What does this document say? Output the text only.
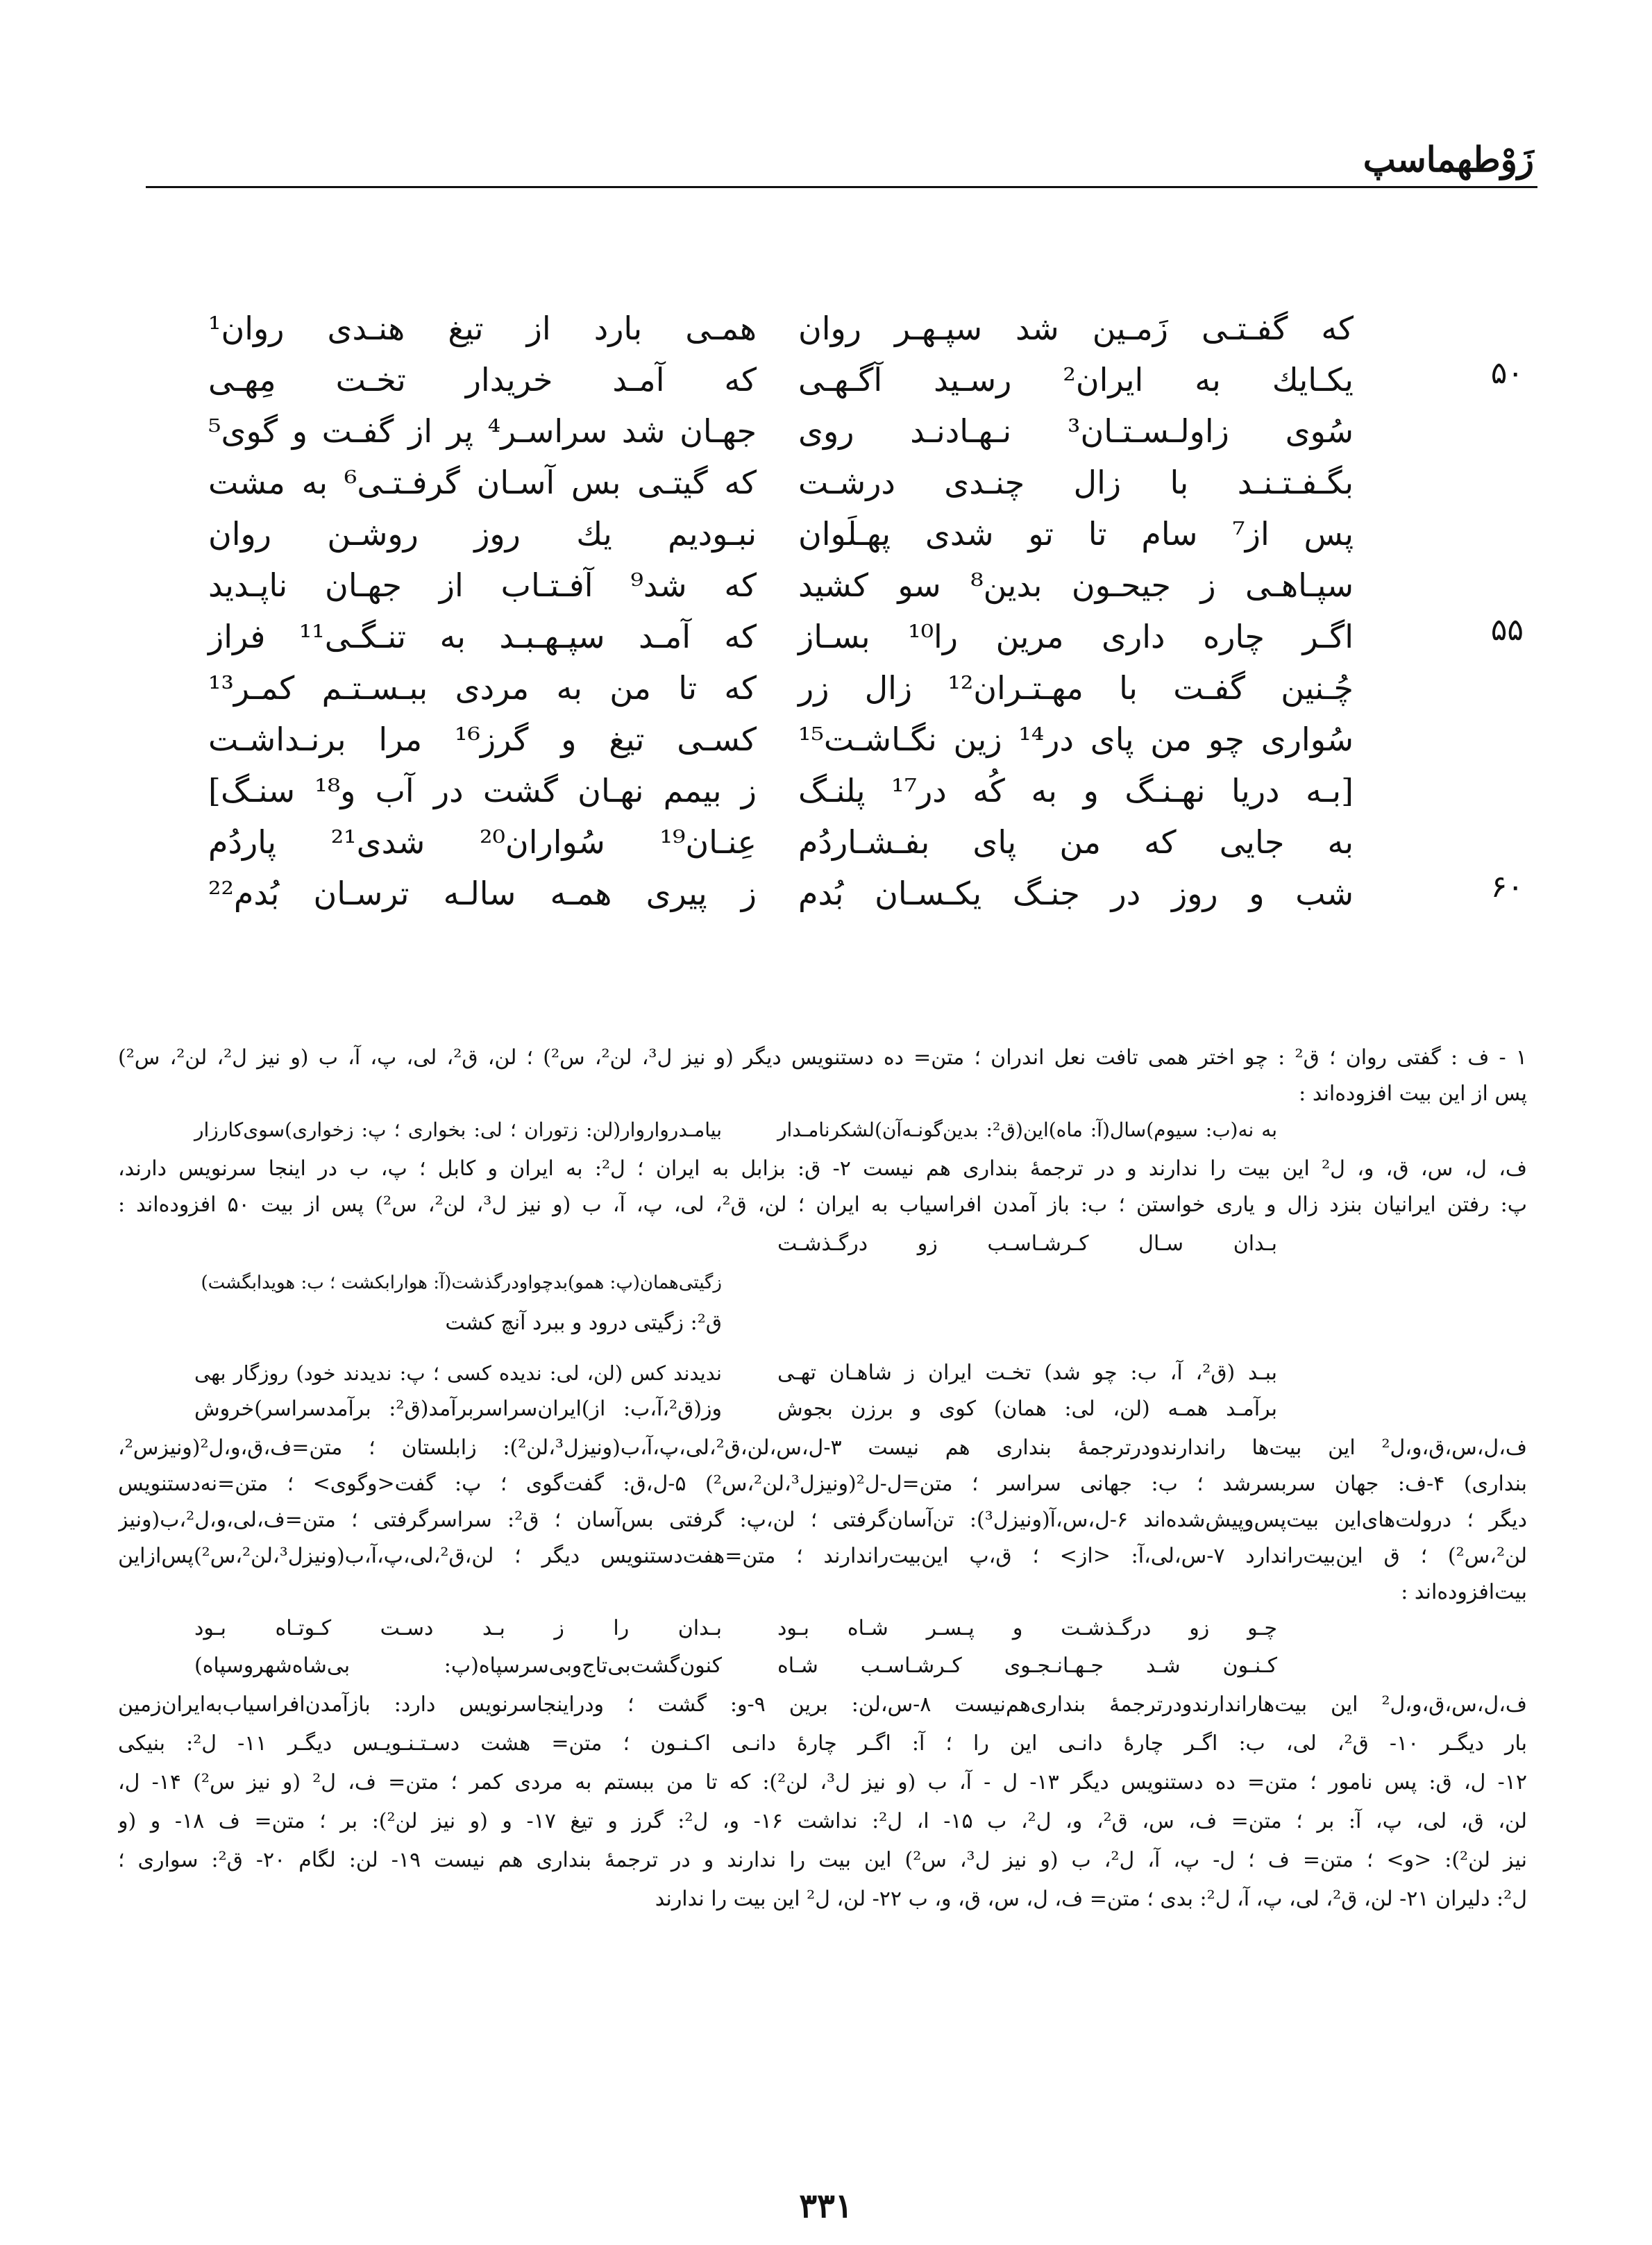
زَوْطهماسپ
که گفـتـی زَمـین شد سپـهـر روان
همـی بارد از تیغ هنـدی روان¹
۵۰
یکـایك به ایران² رسـید آگـهـی
که آمـد خریدار تخـت مِهـی
سُوی زاولـسـتـان³ نـهـادنـد روی
جهـان شد سراسـر⁴ پر از گفـت و گوی⁵
بگـفـتـنـد با زال چنـدی درشـت
که گیتـی بس آسـان گرفـتـی⁶ به مشت
پس از⁷ سام تا تو شدی پهـلَوان
نبـودیم یك روز روشـن روان
سپـاهـی ز جیحـون بدین⁸ سو کشید
که شد⁹ آفـتـاب از جهـان ناپـدید
۵۵
اگـر چاره داری مرین را¹⁰ بسـاز
که آمـد سپـهـبـد به تنـگـی¹¹ فراز
چُـنین گفـت با مهـتـران¹² زال زر
که تا من به مردی ببـسـتـم کمـر¹³
سُواری چو من پای در¹⁴ زین نگـاشـت¹⁵
کسـی تیغ و گرز¹⁶ مرا برنـداشـت
[بـه دریا نهـنـگ و به کُه در¹⁷ پلنـگ
ز بیمم نهـان گشت در آب و¹⁸ سنـگ]
به جایی که من پای بفـشـاردُم
عِنـان¹⁹ سُواران²⁰ شدی²¹ پاردُم
۶۰
شب و روز در جنـگ یکـسـان بُدم
ز پیری همـه سالـه ترسـان بُدم²²
۱ - ف : گفتی روان ؛ ق² : چو اختر همی تافت نعل اندران ؛ متن= ده دستنویس دیگر (و نیز ل³، لن²، س²) ؛ لن، ق²، لی، پ، آ، ب (و نیز ل²، لن²، س²)
پس از این بیت افزوده‌اند :
به نه(ب: سیوم)سال(آ: ماه)این(ق²: بدین‌گونـه‌آن)لشکرنامـدار
بیامـدرواروار(لن: زتوران ؛ لی: بخواری ؛ پ: زخواری)سوی‌کارزار
ف، ل، س، ق، و، ل² این بیت را ندارند و در ترجمهٔ بنداری هم نیست ۲- ق: بزابل به ایران ؛ ل²: به ایران و کابل ؛ پ، ب در اینجا سرنویس دارند،
پ: رفتن ایرانیان بنزد زال و یاری خواستن ؛ ب: باز آمدن افراسیاب به ایران ؛ لن، ق²، لی، پ، آ، ب (و نیز ل³، لن²، س²) پس از بیت ۵۰ افزوده‌اند :
بـدان سـال کـرشـاسـب زو درگـذشـت
زگیتی‌همان(پ: همو)بدچواودرگذشت(آ: هوارابکشت ؛ ب: هویدابگشت)
ق²: زگیتی درود و ببرد آنچ کشت
ببـد (ق²، آ، ب: چو شد) تخـت ایران ز شاهـان تهـی
ندیدند کس (لن، لی: ندیده کسی ؛ پ: ندیدند خود) روزگار بهی
برآمـد همـه (لن، لی: همان) کوی و برزن بجوش
وز(ق²،آ،ب: از)ایران‌سراسربرآمد(ق²: برآمدسراسر)خروش
ف،ل،س،ق،و،ل² این بیت‌ها راندارندودرترجمهٔ بنداری هم نیست ۳-ل،س،لن،ق²،لی،پ،آ،ب(ونیزل³،لن²): زابلستان ؛ متن=ف،ق،و،ل²(ونیزس²،
بنداری) ۴-ف: جهان سربسرشد ؛ ب: جهانی سراسر ؛ متن=ل-ل²(ونیزل³،لن²،س²) ۵-ل،ق: گفت‌گوی ؛ پ: گفت<وگوی> ؛ متن=نه‌دستنویس
دیگر ؛ درولت‌های‌این بیت‌پس‌وپیش‌شده‌اند ۶-ل،س،آ(ونیزل³): تن‌آسان‌گرفتی ؛ لن،پ: گرفتی بس‌آسان ؛ ق²: سراسرگرفتی ؛ متن=ف،لی،و،ل²،ب(ونیز
لن²،س²) ؛ ق این‌بیت‌راندارد ۷-س،لی،آ: <از> ؛ ق،پ این‌بیت‌راندارند ؛ متن=هفت‌دستنویس دیگر ؛ لن،ق²،لی،پ،آ،ب(ونیزل³،لن²،س²)پس‌ازاین
بیت‌افزوده‌اند :
چـو زو درگـذشـت و پـسـر شـاه بـود
بـدان را ز بـد دسـت کـوتـاه بـود
کـنـون شـد جـهـانـجـوی کـرشـاسـب شـاه
کنون‌گشت‌بی‌تاج‌وبی‌سرسپاه(پ: بی‌شاه‌شهروسپاه)
ف،ل،س،ق،و،ل² این بیت‌هاراندارندودرترجمهٔ بنداری‌هم‌نیست ۸-س،لن: برین ۹-و: گشت ؛ ودراینجاسرنویس دارد: بازآمدن‌افراسیاب‌به‌ایران‌زمین
بار دیگـر ۱۰- ق²، لی، ب: اگـر چارهٔ دانـی این را ؛ آ: اگـر چارهٔ دانـی اکـنـون ؛ متن= هشت دسـتـنـویـس دیگـر ۱۱- ل²: بنیکی
۱۲- ل، ق: پس نامور ؛ متن= ده دستنویس دیگر ۱۳- ل - آ، ب (و نیز ل³، لن²): که تا من ببستم به مردی کمر ؛ متن= ف، ل² (و نیز س²) ۱۴- ل،
لن، ق، لی، پ، آ: بر ؛ متن= ف، س، ق²، و، ل²، ب ۱۵- ا، ل²: نداشت ۱۶- و، ل²: گرز و تیغ ۱۷- و (و نیز لن²): بر ؛ متن= ف ۱۸- و (و
نیز لن²): <و> ؛ متن= ف ؛ ل- پ، آ، ل²، ب (و نیز ل³، س²) این بیت را ندارند و در ترجمهٔ بنداری هم نیست ۱۹- لن: لگام ۲۰- ق²: سواری ؛
ل²: دلیران ۲۱- لن، ق²، لی، پ، آ، ل²: بدی ؛ متن= ف، ل، س، ق، و، ب ۲۲- لن، ل² این بیت را ندارند
۳۳۱
